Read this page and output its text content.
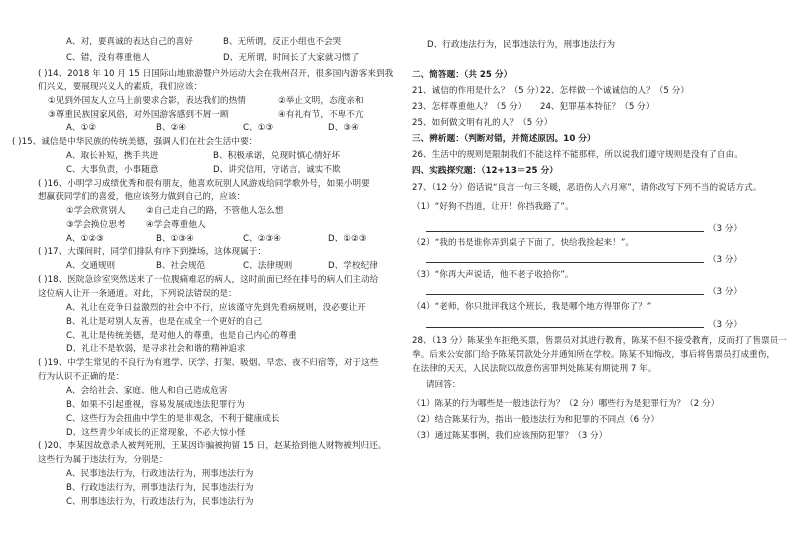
A、对，要真诚的表达自己的喜好	B、无所谓，反正小组也不会哭
C、错，没有尊重他人	D、无所谓，时间长了大家就习惯了
( )14、2018 年 10 月 15 日国际山地旅游暨户外运动大会在我州召开，很多国内游客来到我
们兴义，要展现兴义人的素质，我们应该：
①见到外国友人立马上前要求合影，表达我们的热情	②举止文明，态度亲和
③尊重民族国家风俗，对外国游客感到不屑一顾	④有礼有节，不卑不亢
A、①②	B、②④	C、①③	D、③④
( )15、诚信是中华民族的传统美德，强调人们在社会生活中要：
A、取长补短，携手共进	B、积极承诺，兑现时慎心情好坏
C、大事负责，小事随意	D、讲究信用，守诺言，诚实不欺
( )16、小明学习成绩优秀和很有朋友，他喜欢玩别人风游戏给同学歌外号，如果小明要
想赢获同学们的喜爱，他应该努力做到自己的，应该：
①学会欣赏别人 ②自己走自己的路，不管他人怎么想
③学会换位思考 ④学会尊重他人
A、①②③	B、①③④	C、②③④	D、①②③
( )17、大课间时，同学们排队有序下到操场，这体现属于：
A、交通规则	B、社会规范	C、法律规则	D、学校纪律
( )18、医院急诊室突然送来了一位腹痛难忍的病人，这时前面已经在排号的病人们主动给
这位病人让开一条通道。对此，下列说法错误的是：
A、礼让在竞争日益激烈的社会中不行，应该谨守先到先看病规则，没必要让开
B、礼让是对别人友善，也是在成全一个更好的自己
C、礼让是传统美德，是对他人的尊重，也是自己内心的尊重
D、礼让不是软弱，是寻求社会和谐的精神追求
( )19、中学生常见的不良行为有逃学、厌学、打架、吸烟、早恋、夜不归宿等，对于这些
行为认识不正确的是：
A、会给社会、家庭、他人和自己造成危害
B、如果不引起重视，容易发展成违法犯罪行为
C、这些行为会扭曲中学生的是非观念，不利于健康成长
D、这些青少年成长的正常现象，不必大惊小怪
( )20、李某因故意杀人被判死刑，王某因诈骗被拘留 15 日，赵某拾到他人财物被判归还。
这些行为属于违法行为，分别是：
A、民事违法行为，行政违法行为，刑事违法行为
B、行政违法行为，刑事违法行为，民事违法行为
C、刑事违法行为，行政违法行为，民事违法行为
D、行政违法行为，民事违法行为，刑事违法行为
二、简答题：（共 25 分）
21、诚信的作用是什么？（5 分）
22、怎样做一个诚诚信的人？（5 分）
23、怎样尊重他人？（5 分） 24、犯罪基本特征？（5 分）
25、如何做文明有礼的人？（5 分）
三、辨析题：（判断对错，并简述原因。10 分）
26、生活中的规则是限制我们不能这样不能那样，所以说我们遵守规则是没有了自由。
四、实践探究题：（12+13＝25 分）
27、（12 分）俗话说“良言一句三冬暖，恶语伤人六月寒”，请你改写下列不当的说话方式。
（1）“好狗不挡道，让开！你挡我路了”。
（3 分）
（2）“我的书是谁你弄到桌子下面了，快给我捡起来！”。
（3 分）
（3）“你再大声说话，他不老子收拾你”。
（3 分）
（4）“老师，你只批评我这个班长，我是哪个地方得罪你了？”
（3 分）
28、（13 分）陈某坐车拒绝买票，售票员对其进行教育，陈某不但不接受教育，反而打了售票员一
拳。后来公安部门给予陈某罚款处分并通知所在学校。陈某不知悔改，事后将售票员打成重伤，
在法律的天天，人民法院以故意伤害罪判处陈某有期徒刑 7 年。
请回答：
（1）陈某的行为哪些是一般违法行为？（2 分）哪些行为是犯罪行为？（2 分）
（2）结合陈某行为，指出一般违法行为和犯罪的不同点（6 分）
（3）通过陈某事例，我们应该预防犯罪？（3 分）
